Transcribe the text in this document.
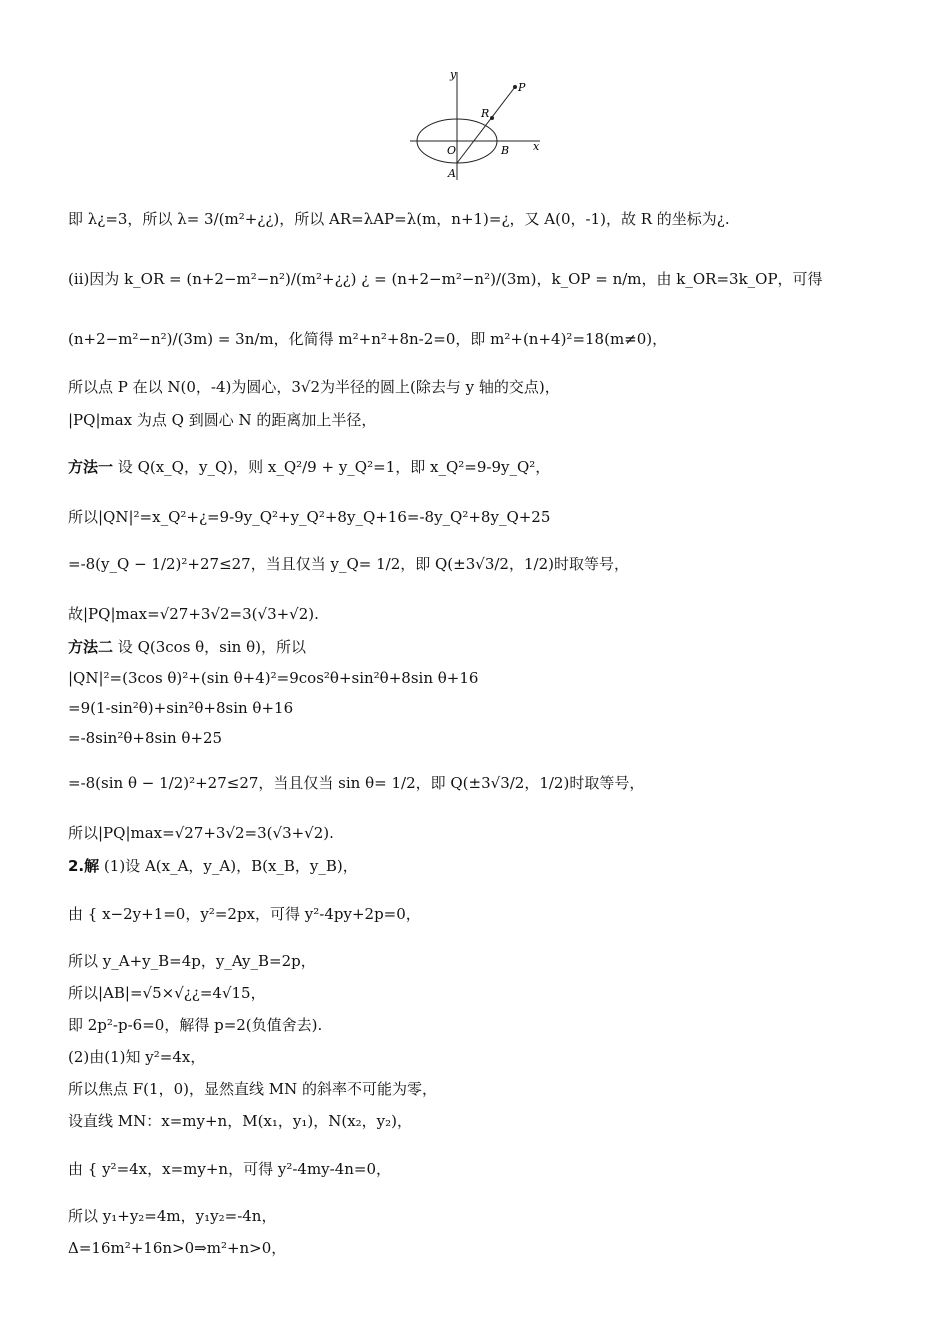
y
x
P
R
O	B
A
即 λ¿=3，所以 λ= 3/(m²+¿¿)，所以 AR=λAP=λ(m，n+1)=¿，又 A(0，-1)，故 R 的坐标为¿.
(ⅱ)因为 k_OR = (n+2−m²−n²)/(m²+¿¿) ¿ = (n+2−m²−n²)/(3m)，k_OP = n/m，由 k_OR=3k_OP，可得
(n+2−m²−n²)/(3m) = 3n/m，化简得 m²+n²+8n-2=0，即 m²+(n+4)²=18(m≠0)，
所以点 P 在以 N(0，-4)为圆心，3√2为半径的圆上(除去与 y 轴的交点)，
|PQ|max 为点 Q 到圆心 N 的距离加上半径，
方法一 设 Q(x_Q，y_Q)，则 x_Q²/9 + y_Q²=1，即 x_Q²=9-9y_Q²，
所以|QN|²=x_Q²+¿=9-9y_Q²+y_Q²+8y_Q+16=-8y_Q²+8y_Q+25
=-8(y_Q − 1/2)²+27≤27，当且仅当 y_Q= 1/2，即 Q(±3√3/2，1/2)时取等号，
故|PQ|max=√27+3√2=3(√3+√2).
方法二 设 Q(3cos θ，sin θ)，所以
|QN|²=(3cos θ)²+(sin θ+4)²=9cos²θ+sin²θ+8sin θ+16
=9(1-sin²θ)+sin²θ+8sin θ+16
=-8sin²θ+8sin θ+25
=-8(sin θ − 1/2)²+27≤27，当且仅当 sin θ= 1/2，即 Q(±3√3/2，1/2)时取等号，
所以|PQ|max=√27+3√2=3(√3+√2).
2.解 (1)设 A(x_A，y_A)，B(x_B，y_B)，
由 { x−2y+1=0，y²=2px，可得 y²-4py+2p=0，
所以 y_A+y_B=4p，y_Ay_B=2p，
所以|AB|=√5×√¿¿=4√15，
即 2p²-p-6=0，解得 p=2(负值舍去).
(2)由(1)知 y²=4x，
所以焦点 F(1，0)，显然直线 MN 的斜率不可能为零，
设直线 MN：x=my+n，M(x₁，y₁)，N(x₂，y₂)，
由 { y²=4x，x=my+n，可得 y²-4my-4n=0，
所以 y₁+y₂=4m，y₁y₂=-4n，
Δ=16m²+16n>0⇒m²+n>0，
